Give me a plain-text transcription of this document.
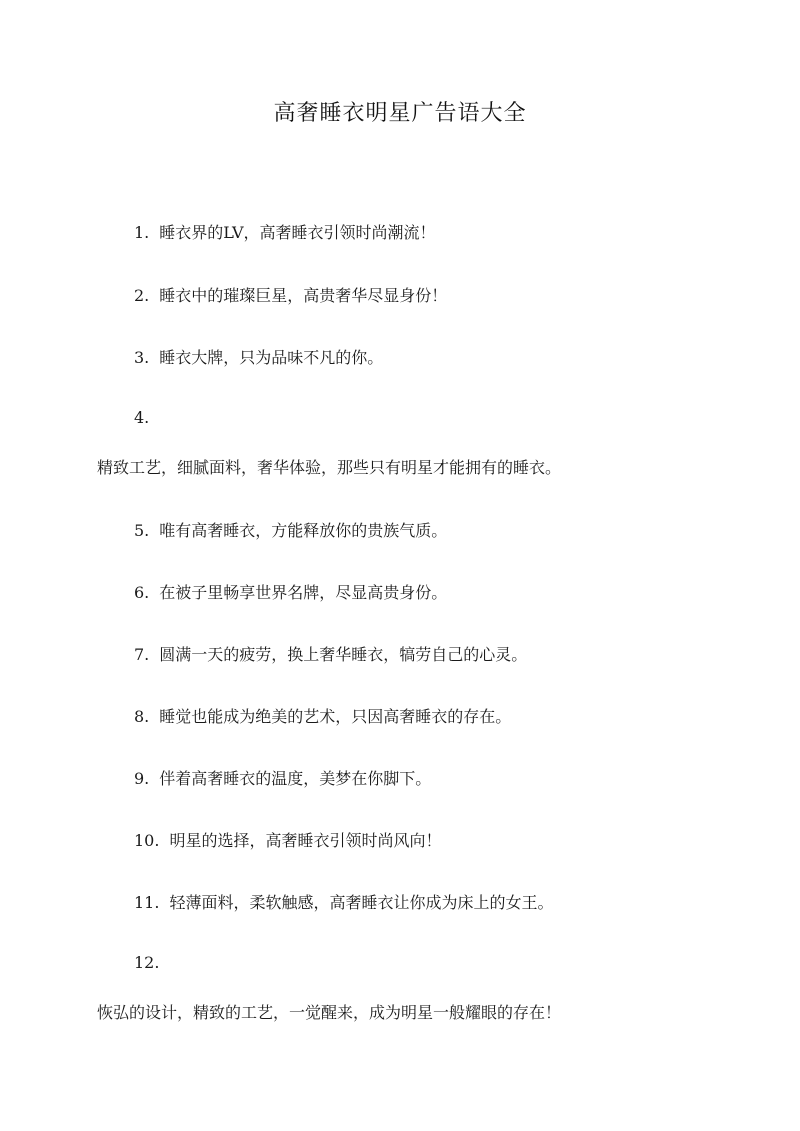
高奢睡衣明星广告语大全
1. 睡衣界的LV，高奢睡衣引领时尚潮流！
2. 睡衣中的璀璨巨星，高贵奢华尽显身份！
3. 睡衣大牌，只为品味不凡的你。
4.
精致工艺，细腻面料，奢华体验，那些只有明星才能拥有的睡衣。
5. 唯有高奢睡衣，方能释放你的贵族气质。
6. 在被子里畅享世界名牌，尽显高贵身份。
7. 圆满一天的疲劳，换上奢华睡衣，犒劳自己的心灵。
8. 睡觉也能成为绝美的艺术，只因高奢睡衣的存在。
9. 伴着高奢睡衣的温度，美梦在你脚下。
10. 明星的选择，高奢睡衣引领时尚风向！
11. 轻薄面料，柔软触感，高奢睡衣让你成为床上的女王。
12.
恢弘的设计，精致的工艺，一觉醒来，成为明星一般耀眼的存在！
